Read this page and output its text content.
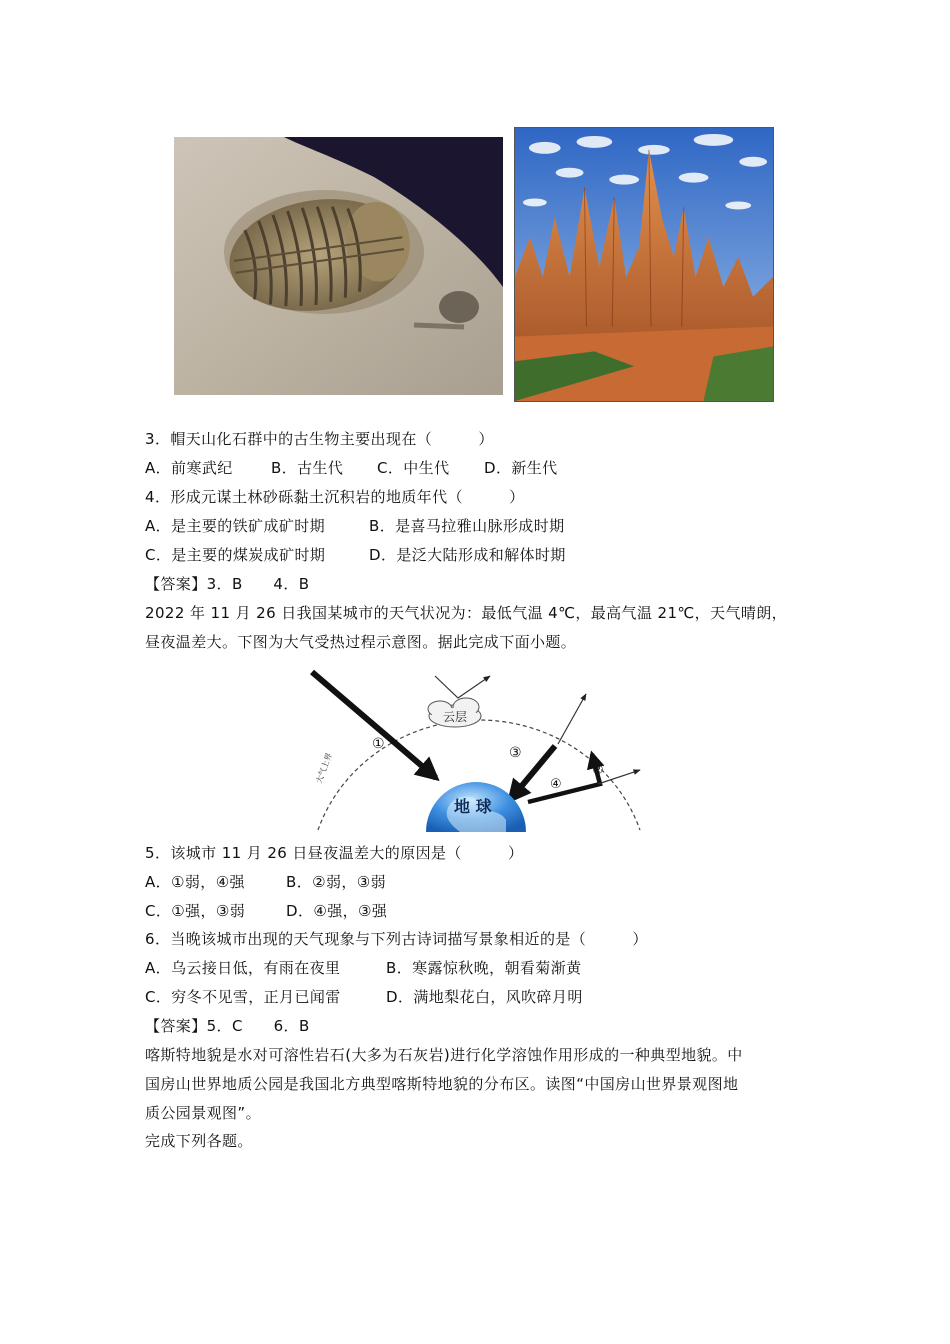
3．帽天山化石群中的古生物主要出现在（　　　）
A．前寒武纪	B．古生代 C．中生代 D．新生代
4．形成元谋土林砂砾黏土沉积岩的地质年代（　　　）
A．是主要的铁矿成矿时期	B．是喜马拉雅山脉形成时期
C．是主要的煤炭成矿时期	D．是泛大陆形成和解体时期
【答案】3．B　　4．B
2022 年 11 月 26 日我国某城市的天气状况为：最低气温 4℃，最高气温 21℃，天气晴朗，
昼夜温差大。下图为大气受热过程示意图。据此完成下面小题。
大气上界
云层
①
③
地 球
④
②
5．该城市 11 月 26 日昼夜温差大的原因是（　　　）
A．①弱，④强	B．②弱，③弱
C．①强，③弱	D．④强，③强
6．当晚该城市出现的天气现象与下列古诗词描写景象相近的是（　　　）
A．乌云接日低，有雨在夜里	B．寒露惊秋晚，朝看菊渐黄
C．穷冬不见雪，正月已闻雷	D．满地梨花白，风吹碎月明
【答案】5．C　　6．B
喀斯特地貌是水对可溶性岩石(大多为石灰岩)进行化学溶蚀作用形成的一种典型地貌。中
国房山世界地质公园是我国北方典型喀斯特地貌的分布区。读图“中国房山世界景观图地
质公园景观图”。
完成下列各题。
